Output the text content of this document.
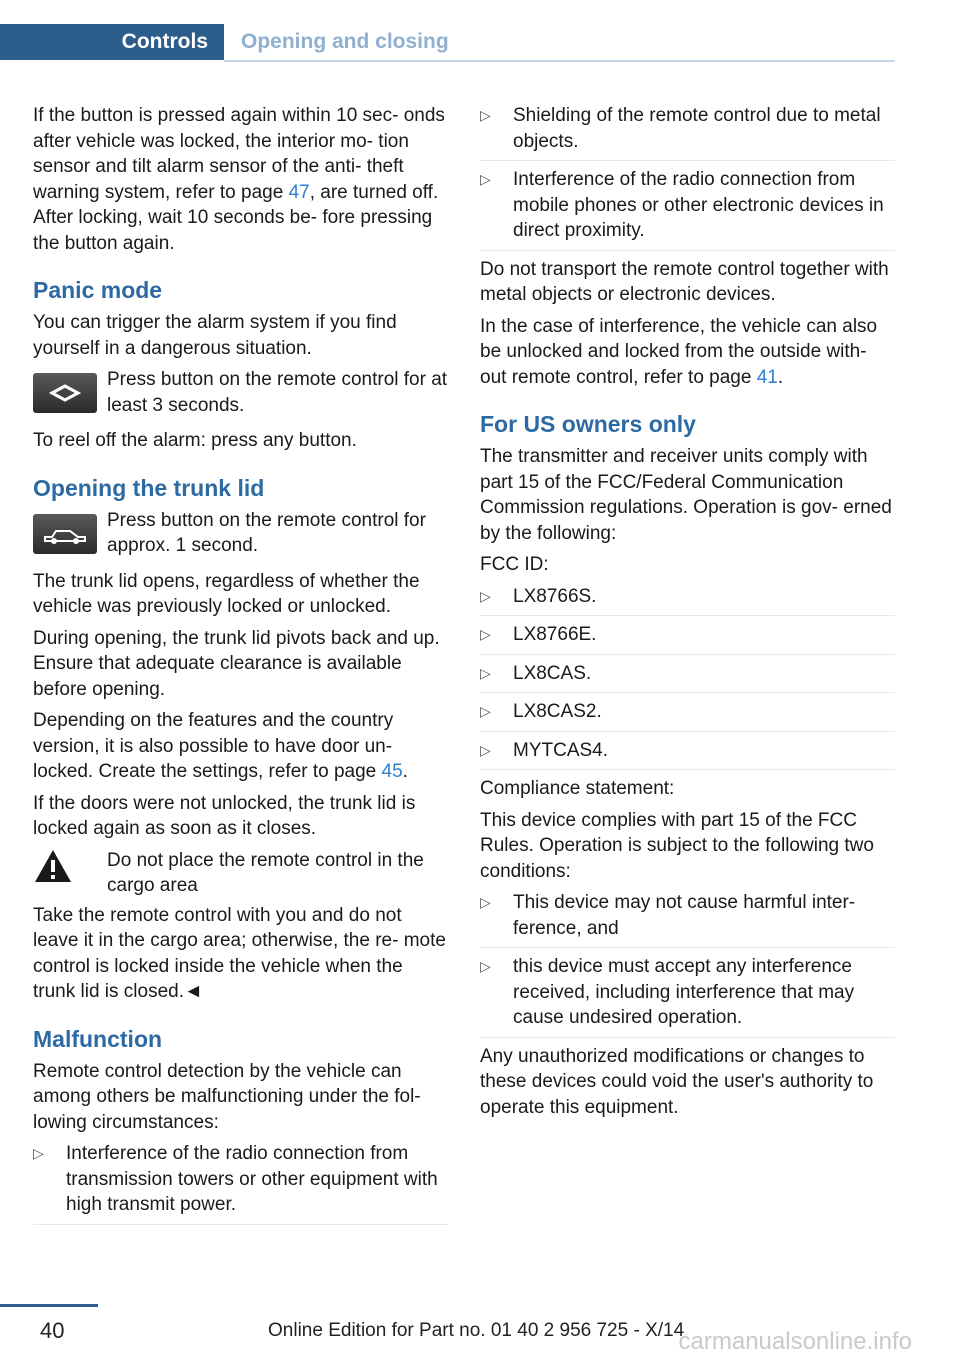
Controls	Opening and closing

If the button is pressed again within 10 sec- onds after vehicle was locked, the interior mo- tion sensor and tilt alarm sensor of the anti- theft warning system, refer to page 47, are turned off. After locking, wait 10 seconds be- fore pressing the button again.

Panic mode

You can trigger the alarm system if you find yourself in a dangerous situation.

Press button on the remote control for at least 3 seconds.

To reel off the alarm: press any button.

Opening the trunk lid
Press button on the remote control for approx. 1 second.

The trunk lid opens, regardless of whether the vehicle was previously locked or unlocked.

During opening, the trunk lid pivots back and up. Ensure that adequate clearance is available before opening.

Depending on the features and the country version, it is also possible to have door un- locked. Create the settings, refer to page 45.

If the doors were not unlocked, the trunk lid is locked again as soon as it closes.

Do not place the remote control in the cargo area

Take the remote control with you and do not leave it in the cargo area; otherwise, the re- mote control is locked inside the vehicle when the trunk lid is closed.◄

Malfunction

Remote control detection by the vehicle can among others be malfunctioning under the fol- lowing circumstances:

▷ Interference of the radio connection from transmission towers or other equipment with high transmit power.
▷ Shielding of the remote control due to metal objects.
▷ Interference of the radio connection from mobile phones or other electronic devices in direct proximity.

Do not transport the remote control together with metal objects or electronic devices.

In the case of interference, the vehicle can also be unlocked and locked from the outside with- out remote control, refer to page 41.

For US owners only

The transmitter and receiver units comply with part 15 of the FCC/Federal Communication Commission regulations. Operation is gov- erned by the following:

FCC ID:

▷ LX8766S.
▷ LX8766E.
▷ LX8CAS.
▷ LX8CAS2.
▷ MYTCAS4.

Compliance statement:

This device complies with part 15 of the FCC Rules. Operation is subject to the following two conditions:

▷ This device may not cause harmful inter- ference, and
▷ this device must accept any interference received, including interference that may cause undesired operation.

Any unauthorized modifications or changes to these devices could void the user's authority to operate this equipment.

40	Online Edition for Part no. 01 40 2 956 725 - X/14
carmanualsonline.info
